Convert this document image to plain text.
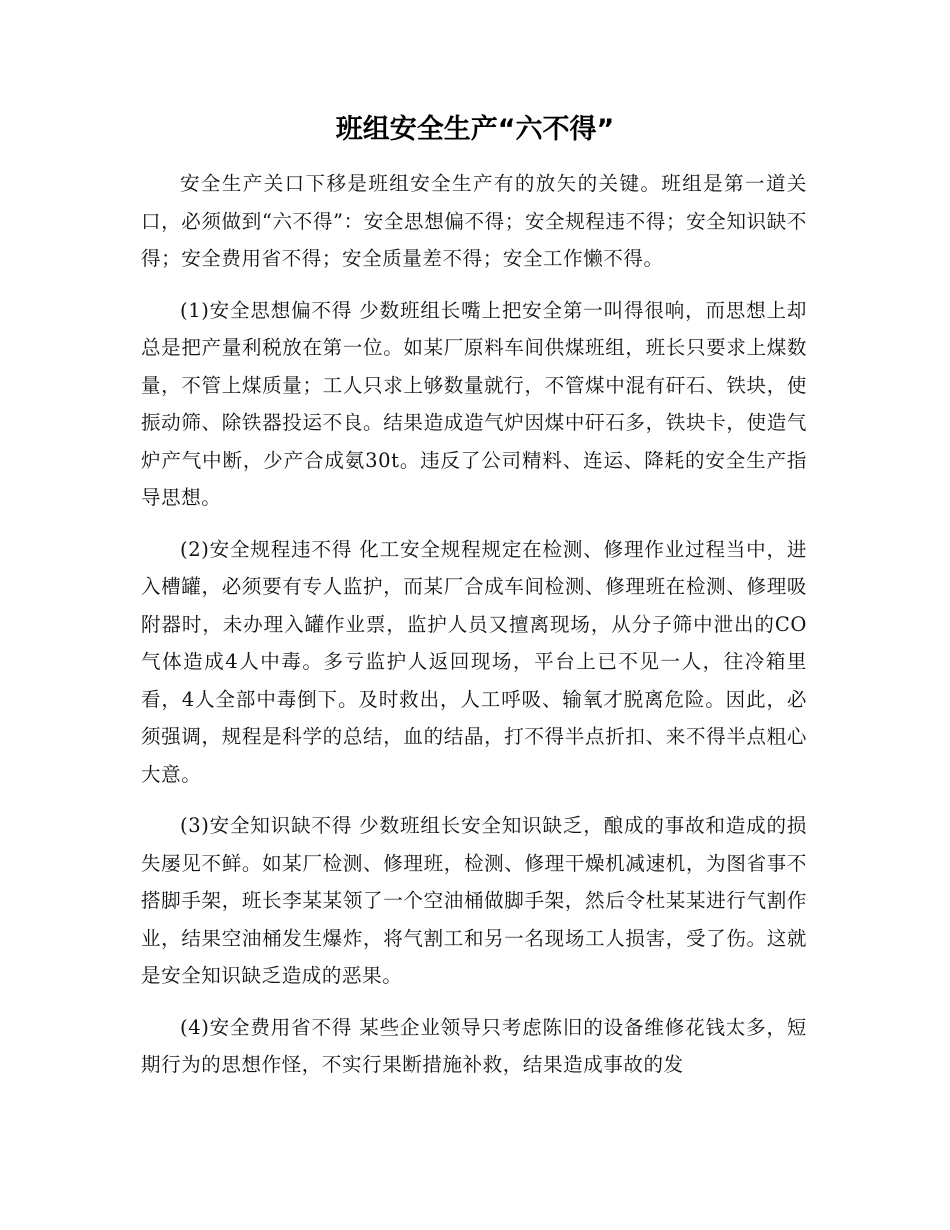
班组安全生产“六不得”

安全生产关口下移是班组安全生产有的放矢的关键。班组是第一道关口，必须做到“六不得”：安全思想偏不得；安全规程违不得；安全知识缺不得；安全费用省不得；安全质量差不得；安全工作懒不得。

(1)安全思想偏不得 少数班组长嘴上把安全第一叫得很响，而思想上却总是把产量利税放在第一位。如某厂原料车间供煤班组，班长只要求上煤数量，不管上煤质量；工人只求上够数量就行，不管煤中混有矸石、铁块，使振动筛、除铁器投运不良。结果造成造气炉因煤中矸石多，铁块卡，使造气炉产气中断，少产合成氨30t。违反了公司精料、连运、降耗的安全生产指导思想。

(2)安全规程违不得 化工安全规程规定在检测、修理作业过程当中，进入槽罐，必须要有专人监护，而某厂合成车间检测、修理班在检测、修理吸附器时，未办理入罐作业票，监护人员又擅离现场，从分子筛中泄出的CO气体造成4人中毒。多亏监护人返回现场，平台上已不见一人，往冷箱里看，4人全部中毒倒下。及时救出，人工呼吸、输氧才脱离危险。因此，必须强调，规程是科学的总结，血的结晶，打不得半点折扣、来不得半点粗心大意。

(3)安全知识缺不得 少数班组长安全知识缺乏，酿成的事故和造成的损失屡见不鲜。如某厂检测、修理班，检测、修理干燥机减速机，为图省事不搭脚手架，班长李某某领了一个空油桶做脚手架，然后令杜某某进行气割作业，结果空油桶发生爆炸，将气割工和另一名现场工人损害，受了伤。这就是安全知识缺乏造成的恶果。

(4)安全费用省不得 某些企业领导只考虑陈旧的设备维修花钱太多，短期行为的思想作怪，不实行果断措施补救，结果造成事故的发
